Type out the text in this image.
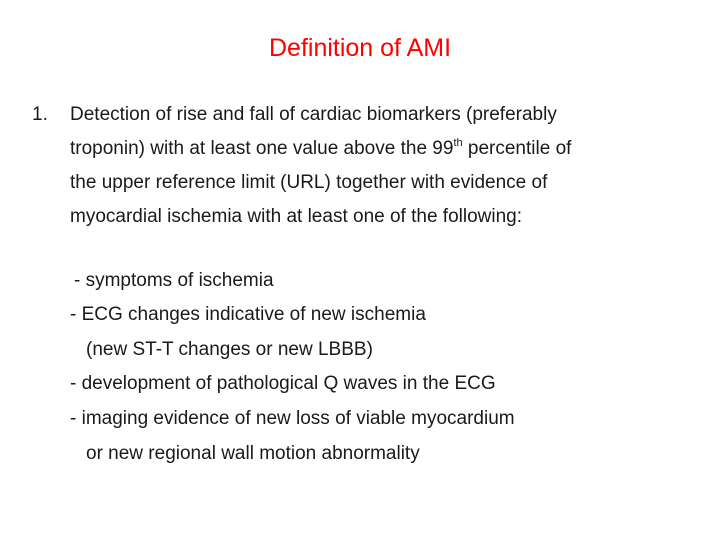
Definition of AMI
1. Detection of rise and fall of cardiac biomarkers (preferably
troponin) with at least one value above the 99th percentile of
the upper reference limit (URL) together with evidence of
myocardial ischemia with at least one of the following:
- symptoms of ischemia
- ECG changes indicative of new ischemia
(new ST-T changes or new LBBB)
- development of pathological Q waves in the ECG
- imaging evidence of new loss of viable myocardium
or new regional wall motion abnormality
